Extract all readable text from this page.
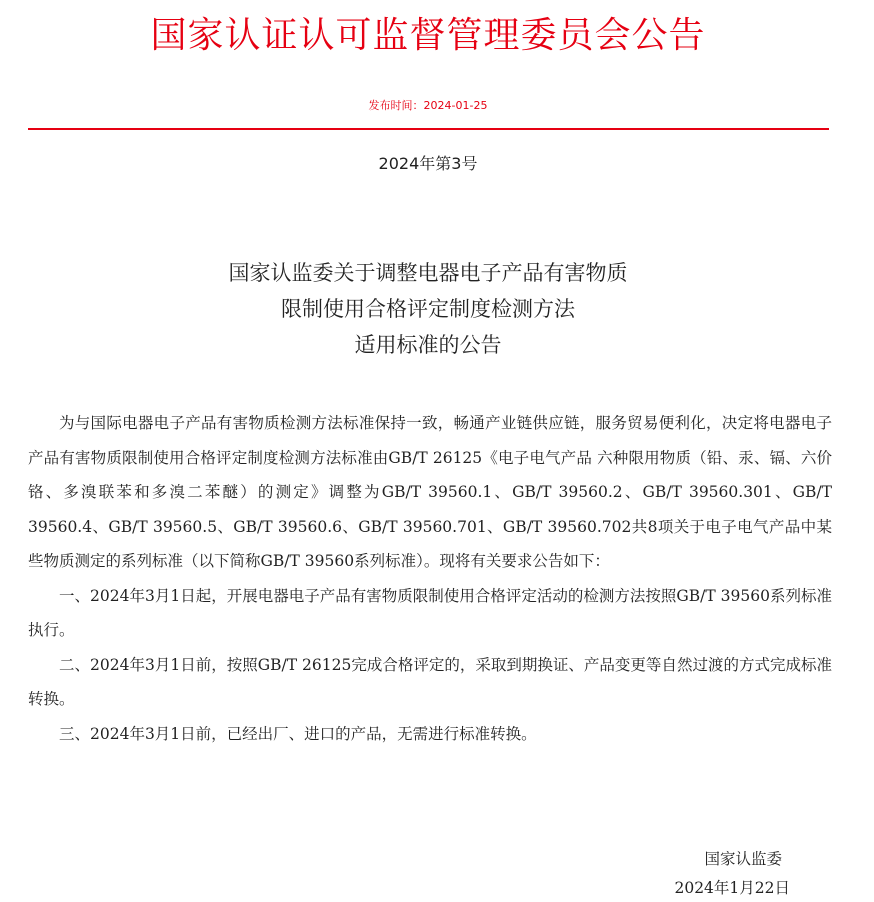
国家认证认可监督管理委员会公告
发布时间：2024-01-25
2024年第3号
国家认监委关于调整电器电子产品有害物质
限制使用合格评定制度检测方法
适用标准的公告

为与国际电器电子产品有害物质检测方法标准保持一致，畅通产业链供应链，服务贸易便利化，决定将电器电子产品有害物质限制使用合格评定制度检测方法标准由GB/T 26125《电子电气产品 六种限用物质（铅、汞、镉、六价铬、多溴联苯和多溴二苯醚）的测定》调整为GB/T 39560.1、GB/T 39560.2、GB/T 39560.301、GB/T 39560.4、GB/T 39560.5、GB/T 39560.6、GB/T 39560.701、GB/T 39560.702共8项关于电子电气产品中某些物质测定的系列标准（以下简称GB/T 39560系列标准）。现将有关要求公告如下：

一、2024年3月1日起，开展电器电子产品有害物质限制使用合格评定活动的检测方法按照GB/T 39560系列标准执行。

二、2024年3月1日前，按照GB/T 26125完成合格评定的，采取到期换证、产品变更等自然过渡的方式完成标准转换。

三、2024年3月1日前，已经出厂、进口的产品，无需进行标准转换。

国家认监委
2024年1月22日
